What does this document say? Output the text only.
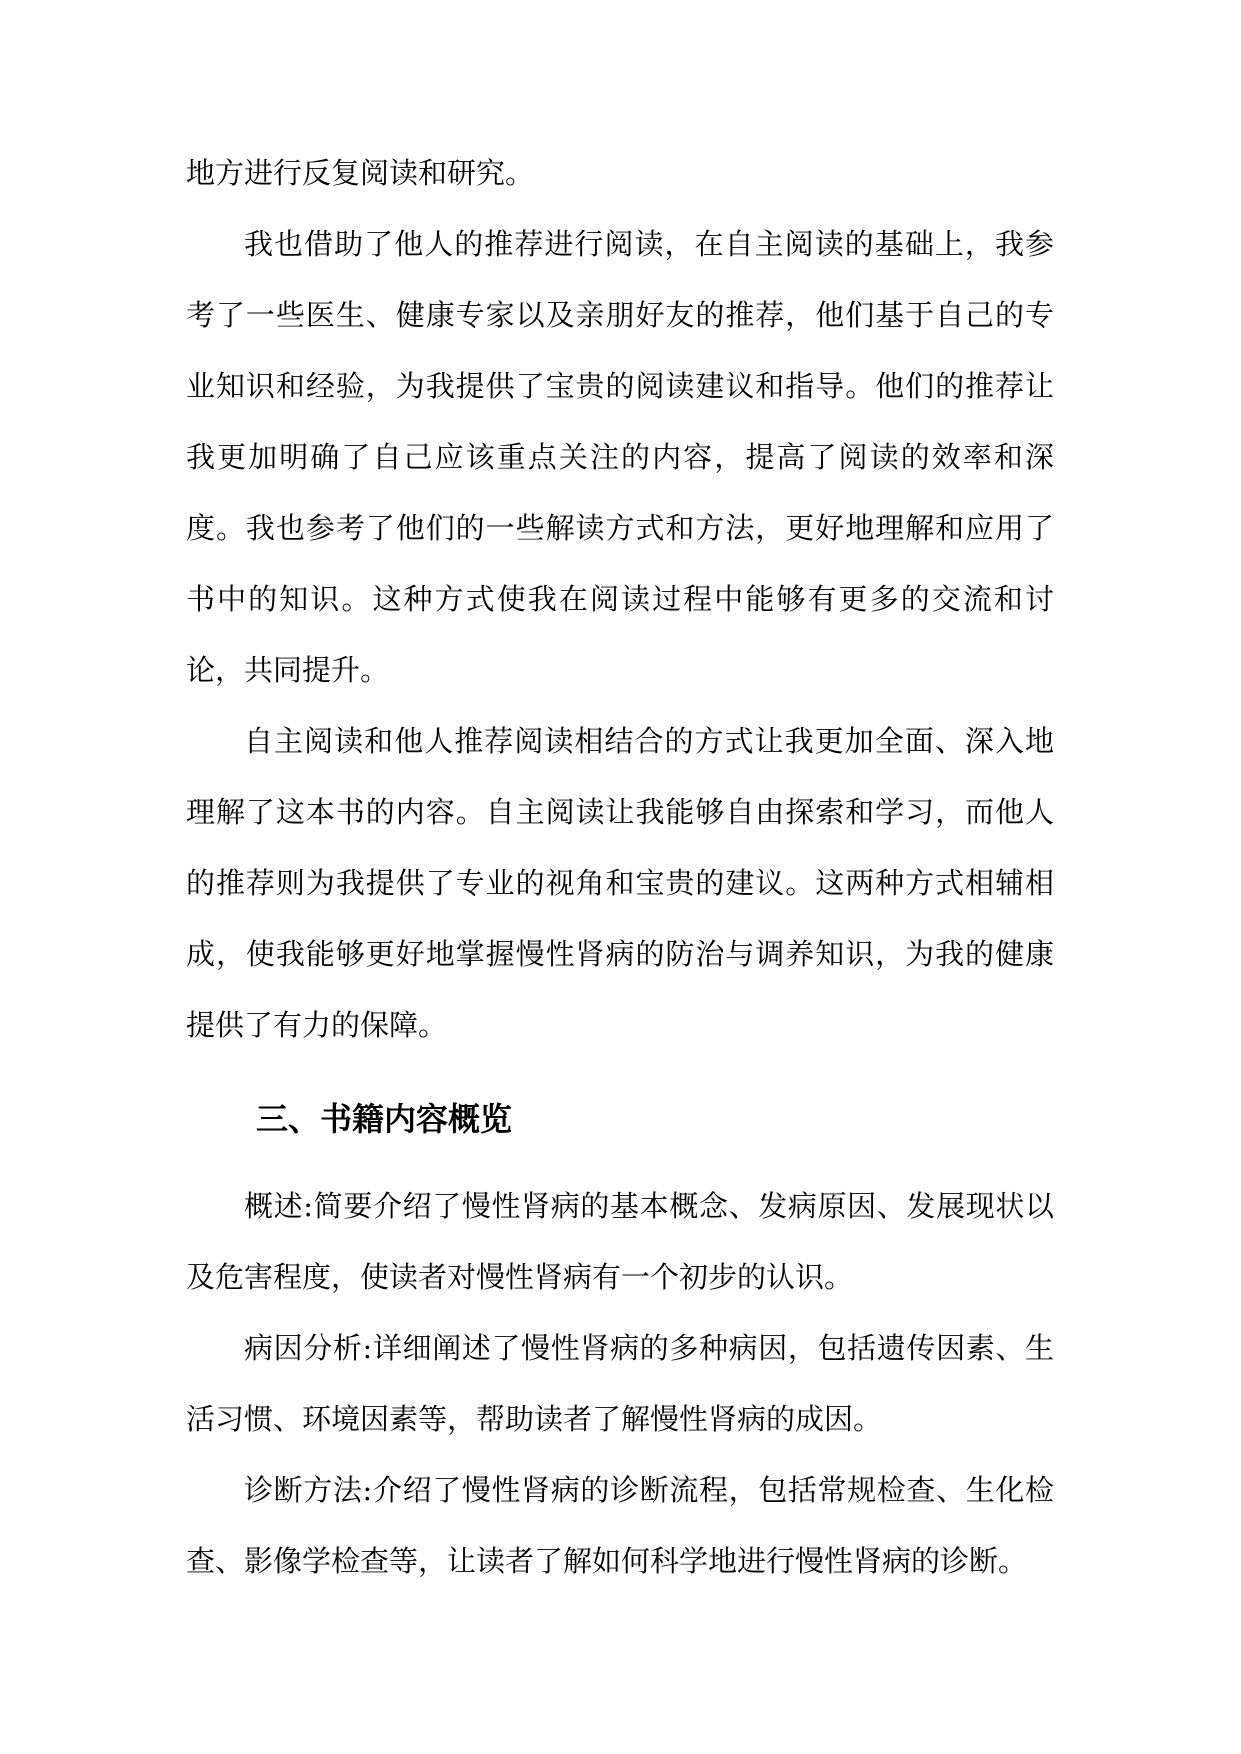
地方进行反复阅读和研究。

我也借助了他人的推荐进行阅读，在自主阅读的基础上，我参考了一些医生、健康专家以及亲朋好友的推荐，他们基于自己的专业知识和经验，为我提供了宝贵的阅读建议和指导。他们的推荐让我更加明确了自己应该重点关注的内容，提高了阅读的效率和深度。我也参考了他们的一些解读方式和方法，更好地理解和应用了书中的知识。这种方式使我在阅读过程中能够有更多的交流和讨论，共同提升。

自主阅读和他人推荐阅读相结合的方式让我更加全面、深入地理解了这本书的内容。自主阅读让我能够自由探索和学习，而他人的推荐则为我提供了专业的视角和宝贵的建议。这两种方式相辅相成，使我能够更好地掌握慢性肾病的防治与调养知识，为我的健康提供了有力的保障。

三、书籍内容概览

概述:简要介绍了慢性肾病的基本概念、发病原因、发展现状以及危害程度，使读者对慢性肾病有一个初步的认识。

病因分析:详细阐述了慢性肾病的多种病因，包括遗传因素、生活习惯、环境因素等，帮助读者了解慢性肾病的成因。

诊断方法:介绍了慢性肾病的诊断流程，包括常规检查、生化检查、影像学检查等，让读者了解如何科学地进行慢性肾病的诊断。
